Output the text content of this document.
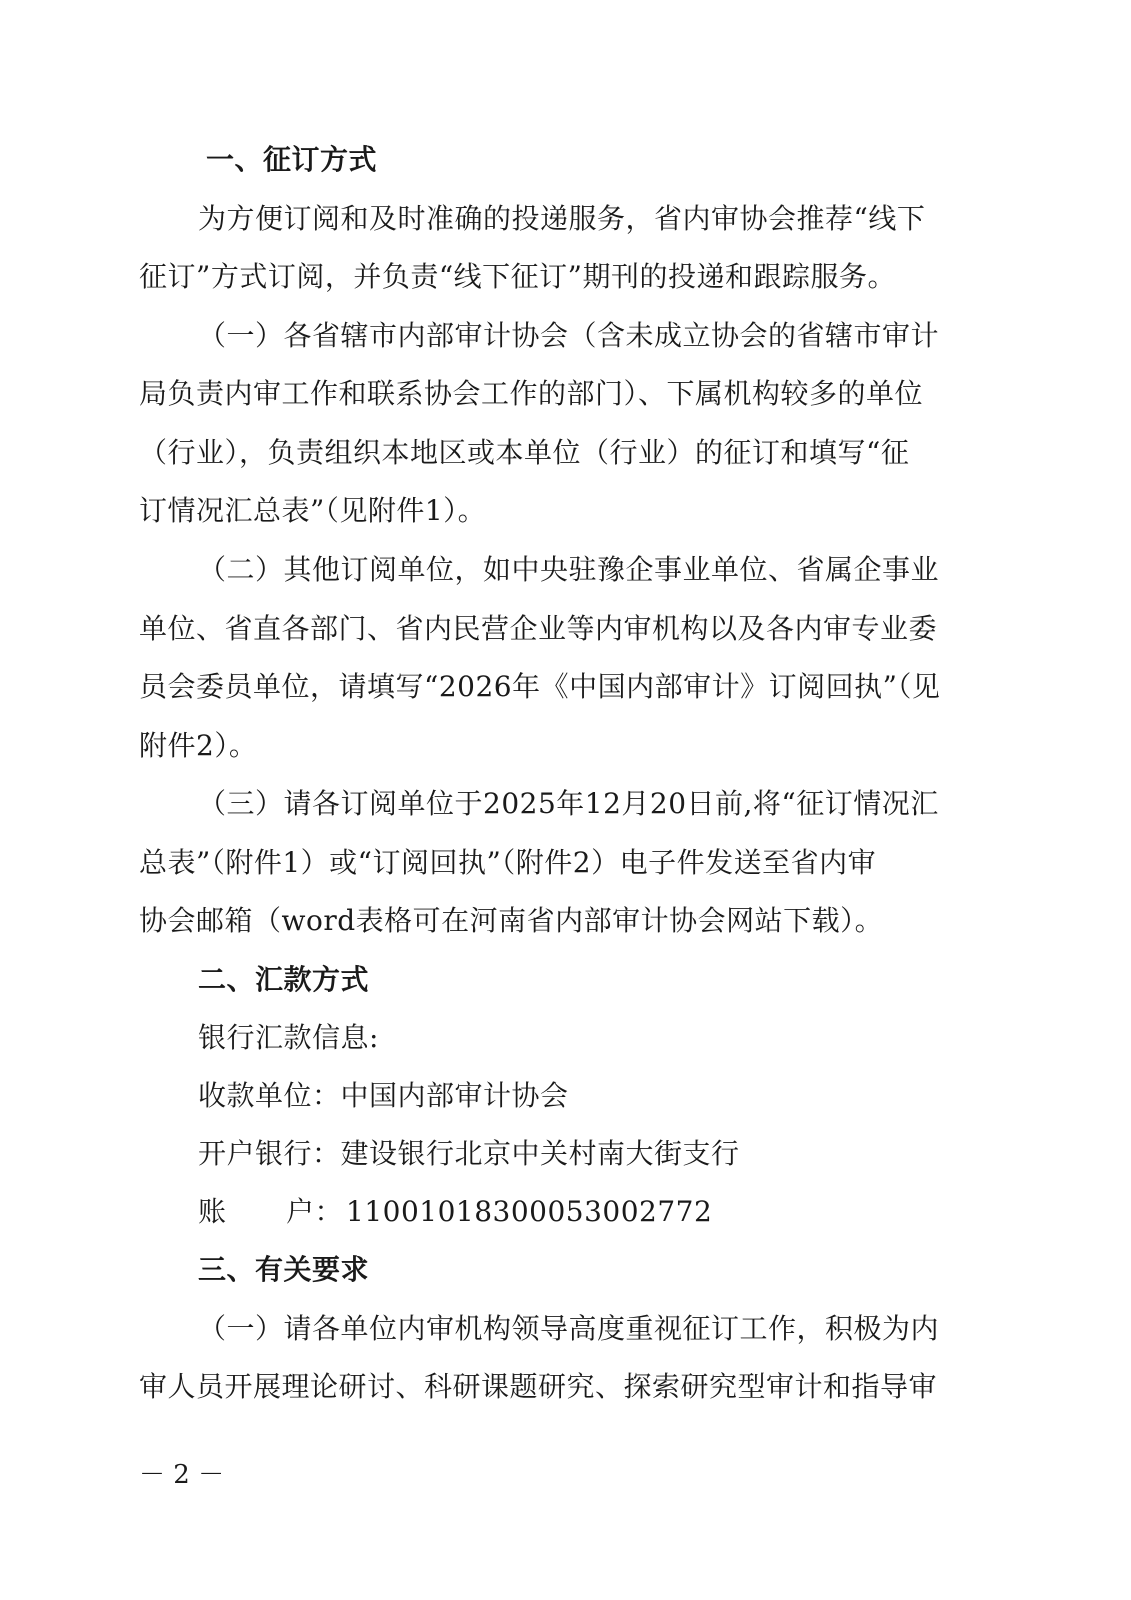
一、征订方式
为方便订阅和及时准确的投递服务，省内审协会推荐“线下
征订”方式订阅，并负责“线下征订”期刊的投递和跟踪服务。
（一）各省辖市内部审计协会（含未成立协会的省辖市审计
局负责内审工作和联系协会工作的部门）、下属机构较多的单位
（行业），负责组织本地区或本单位（行业）的征订和填写“征
订情况汇总表”（见附件1）。
（二）其他订阅单位，如中央驻豫企事业单位、省属企事业
单位、省直各部门、省内民营企业等内审机构以及各内审专业委
员会委员单位，请填写“2026年《中国内部审计》订阅回执”（见
附件2）。
（三）请各订阅单位于2025年12月20日前,将“征订情况汇
总表”（附件1）或“订阅回执”（附件2）电子件发送至省内审
协会邮箱（word表格可在河南省内部审计协会网站下载）。
二、汇款方式
银行汇款信息:
收款单位：中国内部审计协会
开户银行：建设银行北京中关村南大街支行
账 户： 11001018300053002772
三、有关要求
（一）请各单位内审机构领导高度重视征订工作，积极为内
审人员开展理论研讨、科研课题研究、探索研究型审计和指导审
－ 2 －
